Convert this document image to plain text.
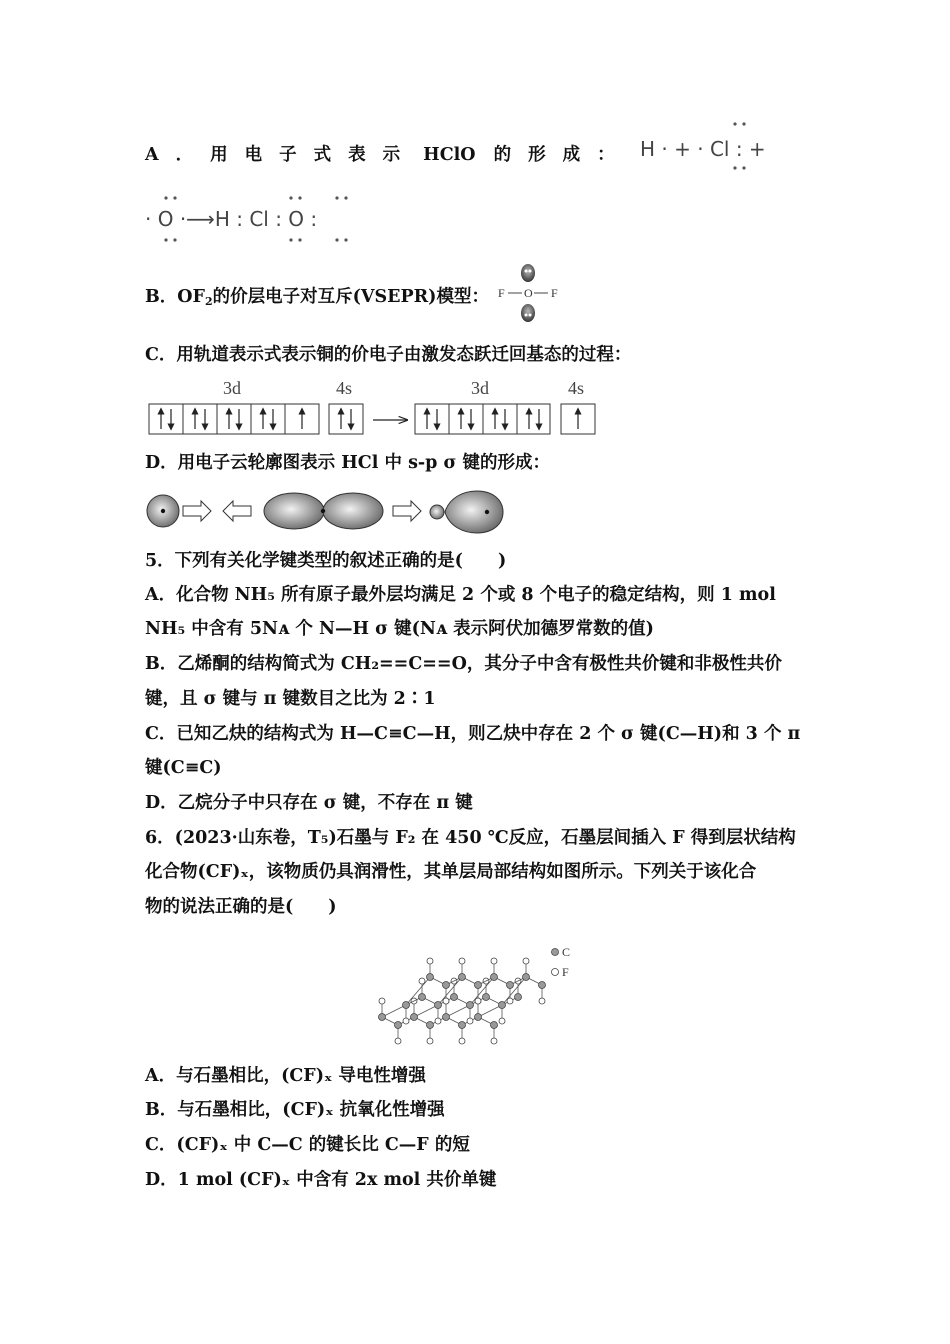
A．用电子式表示 HClO 的形成： H · + · Cl : +
· O ·⟶H : Cl : O :
B．$OF_2$的价层电子对互斥(VSEPR)模型： F O F
C．用轨道表示式表示铜的价电子由激发态跃迁回基态的过程：
3d	4s	3d	4s
D．用电子云轮廓图表示 HCl 中 s-p σ 键的形成：
5．下列有关化学键类型的叙述正确的是(　　)
A．化合物 NH₅ 所有原子最外层均满足 2 个或 8 个电子的稳定结构，则 1 mol
NH₅ 中含有 5Nᴀ 个 N—H σ 键(Nᴀ 表示阿伏加德罗常数的值)
B．乙烯酮的结构简式为 CH₂==C==O，其分子中含有极性共价键和非极性共价
键，且 σ 键与 π 键数目之比为 2∶1
C．已知乙炔的结构式为 H—C≡C—H，则乙炔中存在 2 个 σ 键(C—H)和 3 个 π
键(C≡C)
D．乙烷分子中只存在 σ 键，不存在 π 键
6．(2023·山东卷，T₅)石墨与 F₂ 在 450 ℃反应，石墨层间插入 F 得到层状结构
化合物(CF)ₓ，该物质仍具润滑性，其单层局部结构如图所示。下列关于该化合
物的说法正确的是(　　)
C
F
A．与石墨相比，(CF)ₓ 导电性增强
B．与石墨相比，(CF)ₓ 抗氧化性增强
C．(CF)ₓ 中 C—C 的键长比 C—F 的短
D．1 mol (CF)ₓ 中含有 2x mol 共价单键
